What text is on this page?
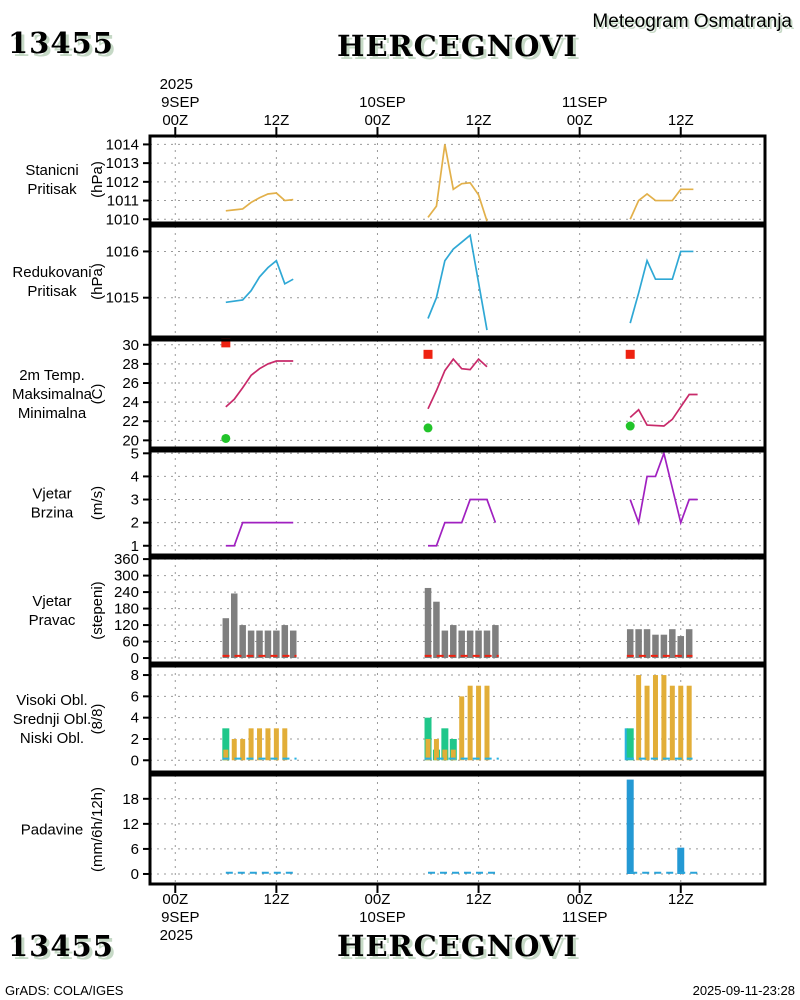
13455	HERCEGNOVI
Meteogram Osmatranja
1010
1011
1012
1013
1014
Stanicni
Pritisak (hPa)
1015
1016
Redukovani
Pritisak (hPa)
20
22
24
26
28
30
2m Temp.
Maksimalna
Minimalna
(C)
1
2
3
4
5
Vjetar
Brzina (m/s)
0
60
120
180
240
300
360
Vjetar
Pravac (stepeni)
0
2
4
6
8
Visoki Obl.
Srednji Obl.
Niski Obl.
(8/8)
0
6
12
18
Padavine (mm/6h/12h)
00Z
00Z
12Z
12Z
00Z
00Z
12Z
12Z
00Z
00Z
12Z
12Z
9SEP
9SEP
10SEP
10SEP
11SEP
11SEP
2025
2025
13455	HERCEGNOVI
GrADS: COLA/IGES	2025-09-11-23:28
